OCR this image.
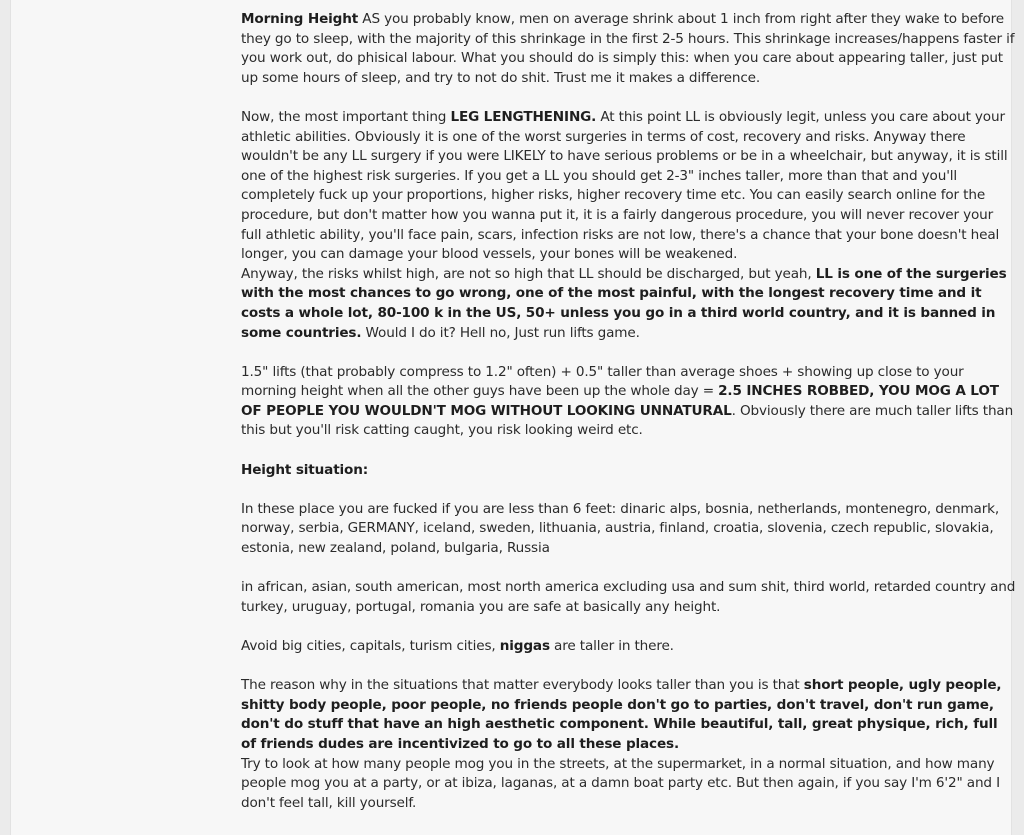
Morning Height AS you probably know, men on average shrink about 1 inch from right after they wake to before they go to sleep, with the majority of this shrinkage in the first 2-5 hours. This shrinkage increases/happens faster if you work out, do phisical labour. What you should do is simply this: when you care about appearing taller, just put up some hours of sleep, and try to not do shit. Trust me it makes a difference.

Now, the most important thing LEG LENGTHENING. At this point LL is obviously legit, unless you care about your athletic abilities. Obviously it is one of the worst surgeries in terms of cost, recovery and risks. Anyway there wouldn't be any LL surgery if you were LIKELY to have serious problems or be in a wheelchair, but anyway, it is still one of the highest risk surgeries. If you get a LL you should get 2-3" inches taller, more than that and you'll completely fuck up your proportions, higher risks, higher recovery time etc. You can easily search online for the procedure, but don't matter how you wanna put it, it is a fairly dangerous procedure, you will never recover your full athletic ability, you'll face pain, scars, infection risks are not low, there's a chance that your bone doesn't heal longer, you can damage your blood vessels, your bones will be weakened.

Anyway, the risks whilst high, are not so high that LL should be discharged, but yeah, LL is one of the surgeries with the most chances to go wrong, one of the most painful, with the longest recovery time and it costs a whole lot, 80-100 k in the US, 50+ unless you go in a third world country, and it is banned in some countries. Would I do it? Hell no, Just run lifts game.

1.5" lifts (that probably compress to 1.2" often) + 0.5" taller than average shoes + showing up close to your morning height when all the other guys have been up the whole day = 2.5 INCHES ROBBED, YOU MOG A LOT OF PEOPLE YOU WOULDN'T MOG WITHOUT LOOKING UNNATURAL. Obviously there are much taller lifts than this but you'll risk catting caught, you risk looking weird etc.

Height situation:

In these place you are fucked if you are less than 6 feet: dinaric alps, bosnia, netherlands, montenegro, denmark, norway, serbia, GERMANY, iceland, sweden, lithuania, austria, finland, croatia, slovenia, czech republic, slovakia, estonia, new zealand, poland, bulgaria, Russia

in african, asian, south american, most north america excluding usa and sum shit, third world, retarded country and turkey, uruguay, portugal, romania you are safe at basically any height.

Avoid big cities, capitals, turism cities, niggas are taller in there.

The reason why in the situations that matter everybody looks taller than you is that short people, ugly people, shitty body people, poor people, no friends people don't go to parties, don't travel, don't run game, don't do stuff that have an high aesthetic component. While beautiful, tall, great physique, rich, full of friends dudes are incentivized to go to all these places.

Try to look at how many people mog you in the streets, at the supermarket, in a normal situation, and how many people mog you at a party, or at ibiza, laganas, at a damn boat party etc. But then again, if you say I'm 6'2" and I don't feel tall, kill yourself.
